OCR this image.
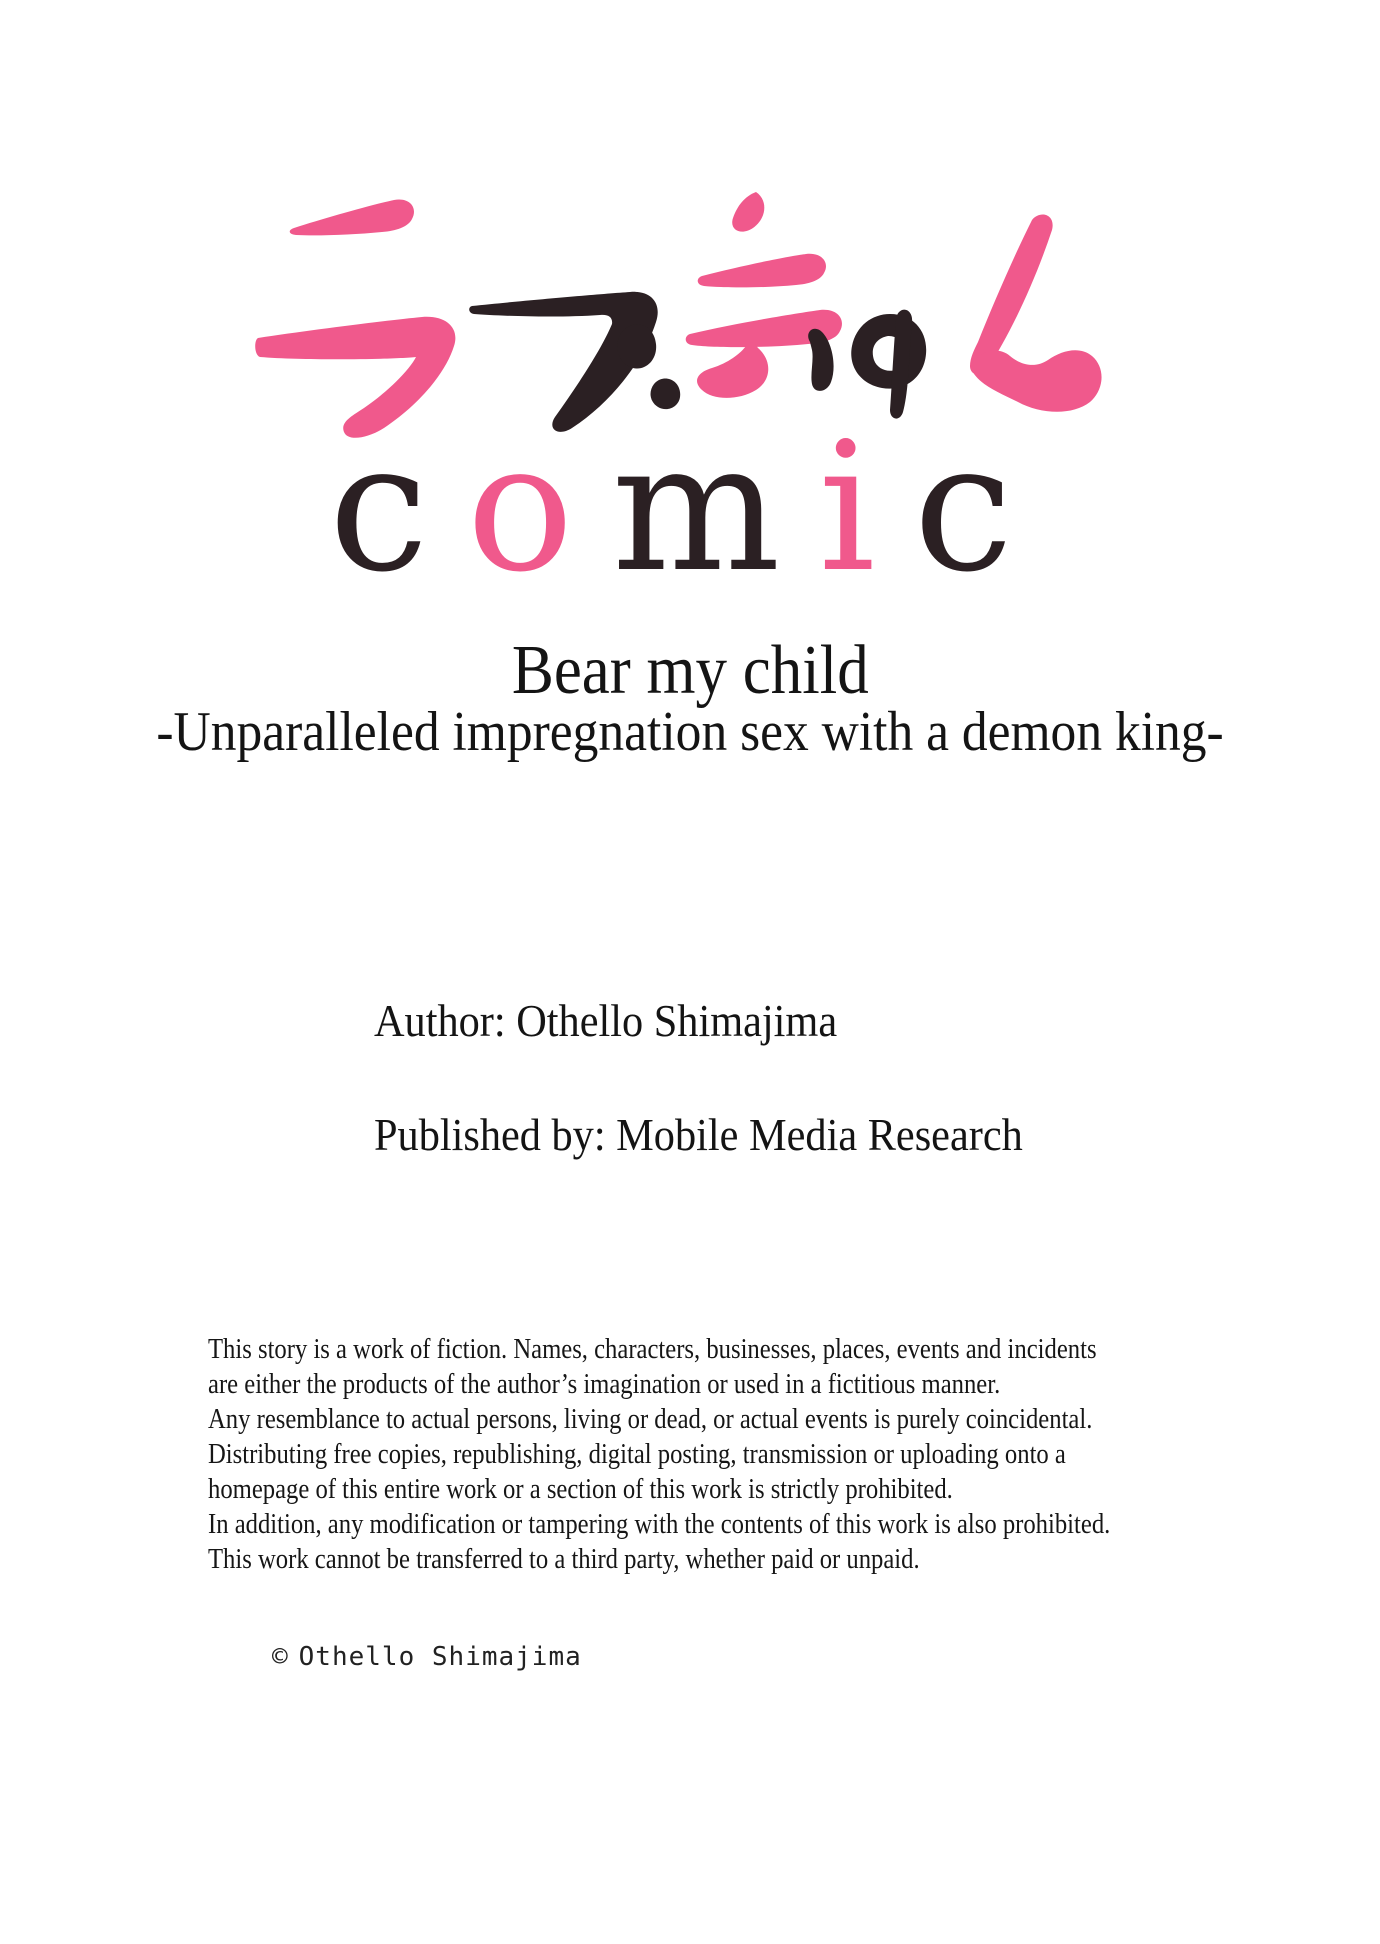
comic
Bear my child
-Unparalleled impregnation sex with a demon king-
Author: Othello Shimajima
Published by: Mobile Media Research
This story is a work of fiction. Names, characters, businesses, places, events and incidents
are either the products of the author’s imagination or used in a fictitious manner.
Any resemblance to actual persons, living or dead, or actual events is purely coincidental.
Distributing free copies, republishing, digital posting, transmission or uploading onto a
homepage of this entire work or a section of this work is strictly prohibited.
In addition, any modification or tampering with the contents of this work is also prohibited.
This work cannot be transferred to a third party, whether paid or unpaid.
© Othello Shimajima
